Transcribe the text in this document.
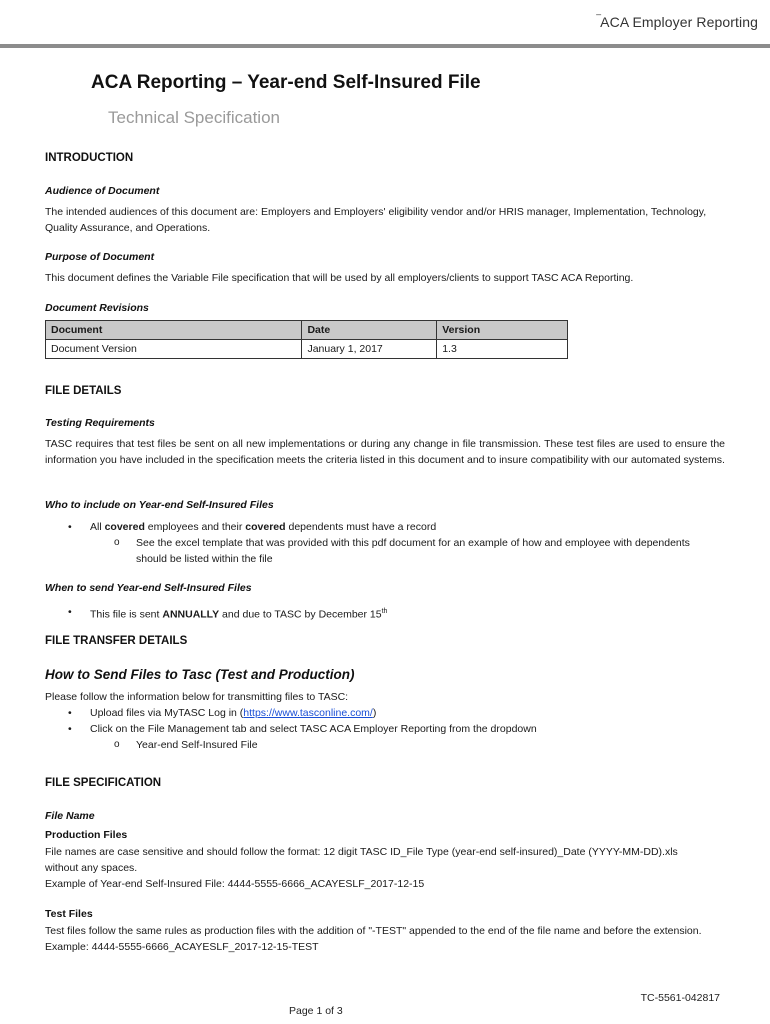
–
ACA Employer Reporting
ACA Reporting – Year-end Self-Insured File
Technical Specification
INTRODUCTION
Audience of Document
The intended audiences of this document are: Employers and Employers' eligibility vendor and/or HRIS manager, Implementation, Technology, Quality Assurance, and Operations.
Purpose of Document
This document defines the Variable File specification that will be used by all employers/clients to support TASC ACA Reporting.
Document Revisions
Document	Date	Version
Document Version	January 1, 2017	1.3
FILE DETAILS
Testing Requirements
TASC requires that test files be sent on all new implementations or during any change in file transmission. These test files are used to ensure the information you have included in the specification meets the criteria listed in this document and to insure compatibility with our automated systems.
Who to include on Year-end Self-Insured Files
• All covered employees and their covered dependents must have a record
o See the excel template that was provided with this pdf document for an example of how and employee with dependents should be listed within the file
When to send Year-end Self-Insured Files
• This file is sent ANNUALLY and due to TASC by December 15th
FILE TRANSFER DETAILS
How to Send Files to Tasc (Test and Production)
Please follow the information below for transmitting files to TASC:
• Upload files via MyTASC Log in (https://www.tasconline.com/)
• Click on the File Management tab and select TASC ACA Employer Reporting from the dropdown
o Year-end Self-Insured File
FILE SPECIFICATION
File Name
Production Files
File names are case sensitive and should follow the format: 12 digit TASC ID_File Type (year-end self-insured)_Date (YYYY-MM-DD).xls without any spaces.
Example of Year-end Self-Insured File: 4444-5555-6666_ACAYESLF_2017-12-15
Test Files
Test files follow the same rules as production files with the addition of "-TEST" appended to the end of the file name and before the extension. Example: 4444-5555-6666_ACAYESLF_2017-12-15-TEST
TC-5561-042817
Page 1 of 3
